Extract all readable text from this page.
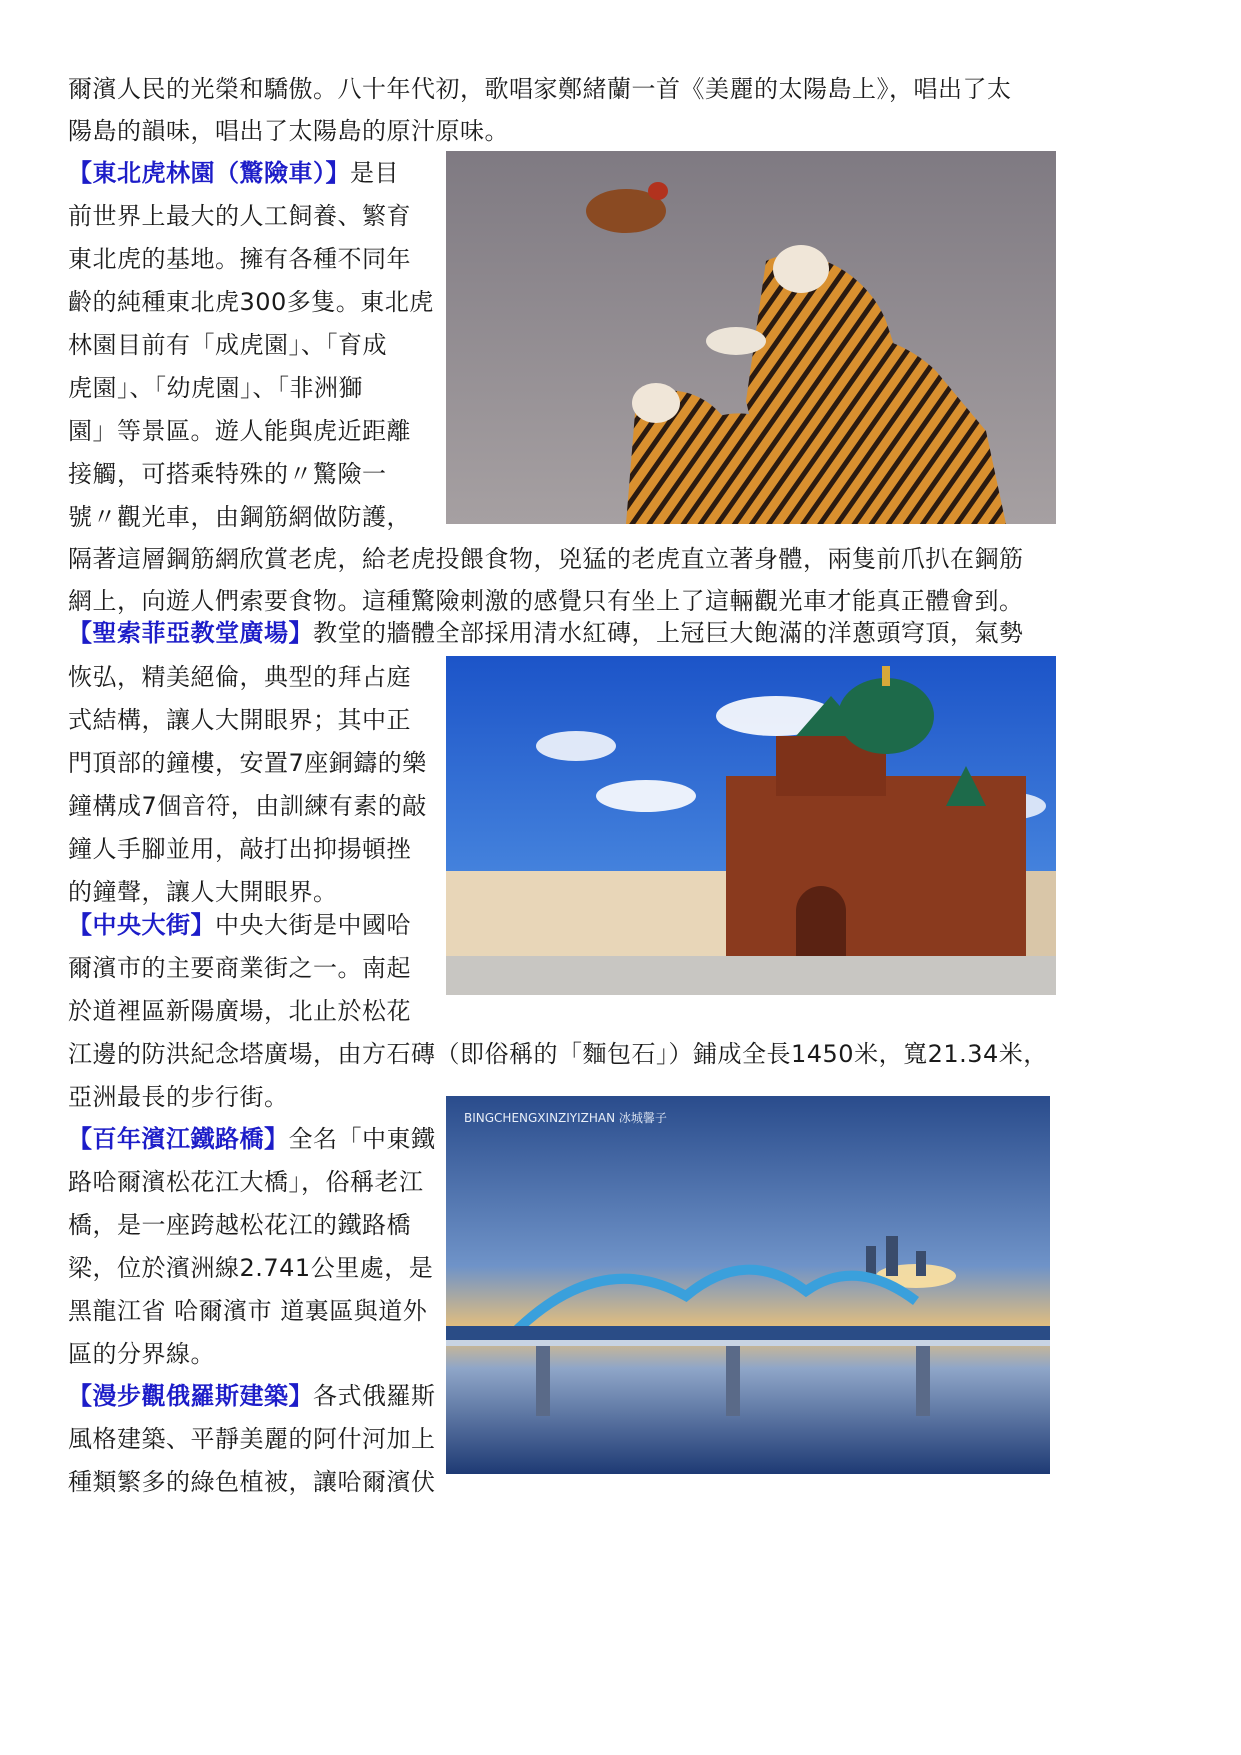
爾濱人民的光榮和驕傲。八十年代初，歌唱家鄭緒蘭一首《美麗的太陽島上》，唱出了太
陽島的韻味，唱出了太陽島的原汁原味。
【東北虎林園（驚險車）】是目
前世界上最大的人工飼養、繁育
東北虎的基地。擁有各種不同年
齡的純種東北虎300多隻。東北虎
林園目前有「成虎園」、「育成
虎園」、「幼虎園」、「非洲獅
園」等景區。遊人能與虎近距離
接觸，可搭乘特殊的〃驚險一
號〃觀光車，由鋼筋網做防護，
隔著這層鋼筋網欣賞老虎，給老虎投餵食物，兇猛的老虎直立著身體，兩隻前爪扒在鋼筋
網上，向遊人們索要食物。這種驚險刺激的感覺只有坐上了這輛觀光車才能真正體會到。
【聖索菲亞教堂廣場】教堂的牆體全部採用清水紅磚，上冠巨大飽滿的洋蔥頭穹頂，氣勢
恢弘，精美絕倫，典型的拜占庭
式結構，讓人大開眼界；其中正
門頂部的鐘樓，安置7座銅鑄的樂
鐘構成7個音符，由訓練有素的敲
鐘人手腳並用，敲打出抑揚頓挫
的鐘聲，讓人大開眼界。
【中央大街】中央大街是中國哈
爾濱市的主要商業街之一。南起
於道裡區新陽廣場，北止於松花
江邊的防洪紀念塔廣場，由方石磚（即俗稱的「麵包石」）鋪成全長1450米，寬21.34米，
亞洲最長的步行街。
【百年濱江鐵路橋】全名「中東鐵
路哈爾濱松花江大橋」，俗稱老江
橋，是一座跨越松花江的鐵路橋
梁，位於濱洲線2.741公里處，是
黑龍江省 哈爾濱市 道裏區與道外
區的分界線。
BINGCHENGXINZIYIZHAN 冰城馨子
【漫步觀俄羅斯建築】各式俄羅斯
風格建築、平靜美麗的阿什河加上
種類繁多的綠色植被，讓哈爾濱伏
